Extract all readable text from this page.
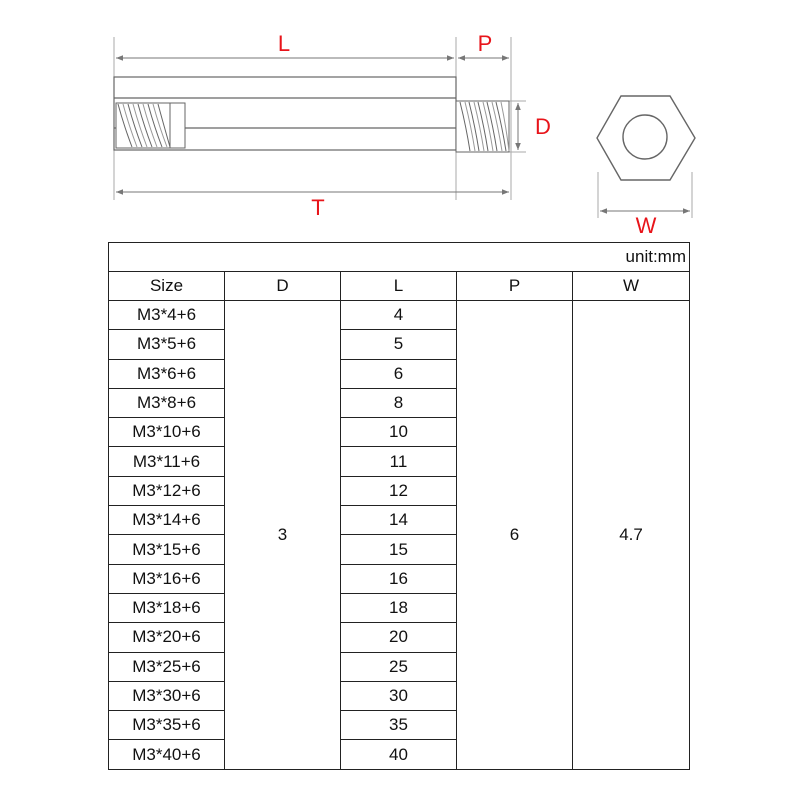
L	P
D
T
W
unit:mm				
Size	D	L	P	W
M3*4+6	3	4	6	4.7
M3*5+6		5		
M3*6+6		6		
M3*8+6		8		
M3*10+6		10		
M3*11+6		11		
M3*12+6		12		
M3*14+6		14		
M3*15+6		15		
M3*16+6		16		
M3*18+6		18		
M3*20+6		20		
M3*25+6		25		
M3*30+6		30		
M3*35+6		35		
M3*40+6		40		
